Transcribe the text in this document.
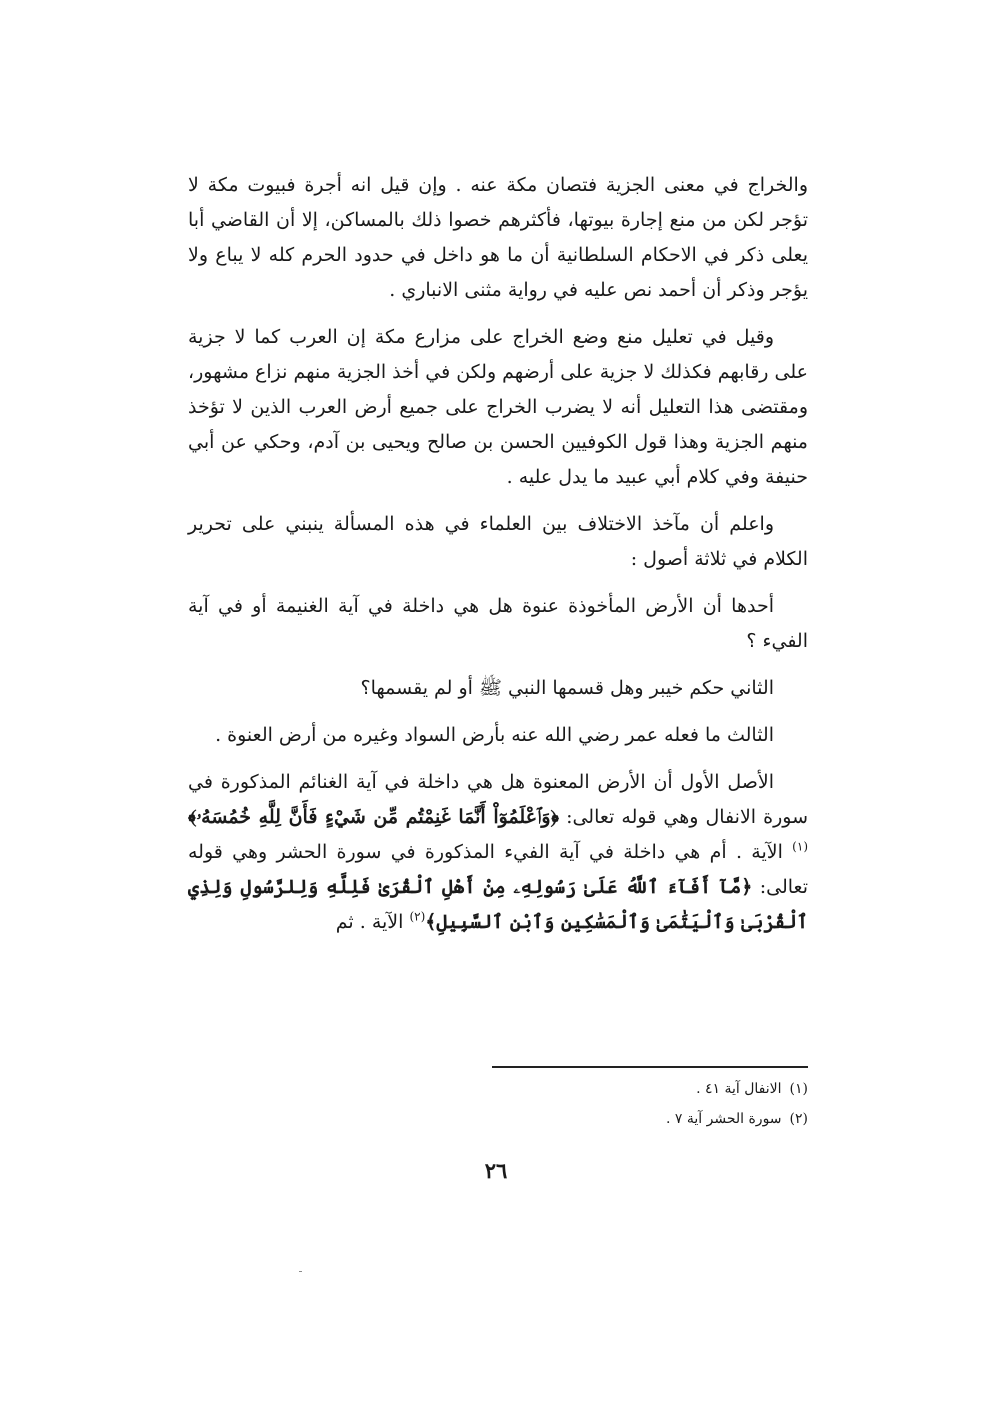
والخراج في معنى الجزية فتصان مكة عنه . وإن قيل انه أجرة فبيوت مكة لا تؤجر لكن من منع إجارة بيوتها، فأكثرهم خصوا ذلك بالمساكن، إلا أن القاضي أبا يعلى ذكر في الاحكام السلطانية أن ما هو داخل في حدود الحرم كله لا يباع ولا يؤجر وذكر أن أحمد نص عليه في رواية مثنى الانباري .

وقيل في تعليل منع وضع الخراج على مزارع مكة إن العرب كما لا جزية على رقابهم فكذلك لا جزية على أرضهم ولكن في أخذ الجزية منهم نزاع مشهور، ومقتضى هذا التعليل أنه لا يضرب الخراج على جميع أرض العرب الذين لا تؤخذ منهم الجزية وهذا قول الكوفيين الحسن بن صالح ويحيى بن آدم، وحكي عن أبي حنيفة وفي كلام أبي عبيد ما يدل عليه .

واعلم أن مآخذ الاختلاف بين العلماء في هذه المسألة ينبني على تحرير الكلام في ثلاثة أصول :

أحدها أن الأرض المأخوذة عنوة هل هي داخلة في آية الغنيمة أو في آية الفيء ؟

الثاني حكم خيبر وهل قسمها النبي ﷺ أو لم يقسمها؟

الثالث ما فعله عمر رضي الله عنه بأرض السواد وغيره من أرض العنوة .

الأصل الأول أن الأرض المعنوة هل هي داخلة في آية الغنائم المذكورة في سورة الانفال وهي قوله تعالى: ﴿وَٱعْلَمُوٓاْ أَنَّمَا غَنِمْتُم مِّن شَيْءٍ فَأَنَّ لِلَّهِ خُمُسَهُۥ﴾$^{(١)}$ الآية . أم هي داخلة في آية الفيء المذكورة في سورة الحشر وهي قوله تعالى: ﴿مَّآ أَفَآءَ ٱللَّهُ عَلَىٰ رَسُولِهِۦ مِنْ أَهْلِ ٱلْقُرَىٰ فَلِلَّهِ وَلِلرَّسُولِ وَلِذِي ٱلْقُرْبَىٰ وَٱلْيَتَٰمَىٰ وَٱلْمَسَٰكِينِ وَٱبْنِ ٱلسَّبِيلِ﴾$^{(٢)}$ الآية . ثم

(١)الانفال آية ٤١ .
(٢)سورة الحشر آية ٧ .
٢٦
